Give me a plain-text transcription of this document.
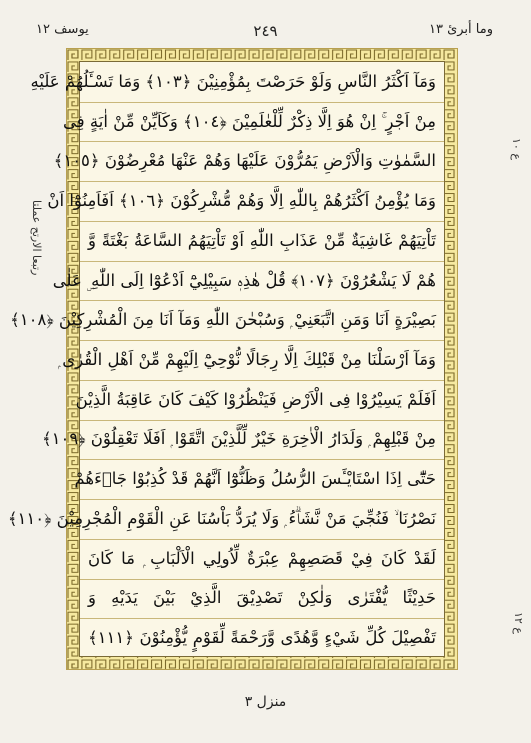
وما أبرئ ١٣
٢٤٩
يوسف ١٢
ع ١٠
رتبعا الارتح عملتا
ع ١٢
وَمَآ اَكْثَرُ النَّاسِ وَلَوْ حَرَصْتَ بِمُؤْمِنِيْنَ ﴿١٠٣﴾ وَمَا تَسْـَٔلُهُمْ عَلَيْهِ
مِنْ اَجْرٍ ۚ اِنْ هُوَ اِلَّا ذِكْرٌ لِّلْعٰلَمِيْنَ ﴿١٠٤﴾ وَكَاَيِّنْ مِّنْ اٰيَةٍ فِى
السَّمٰوٰتِ وَالْاَرْضِ يَمُرُّوْنَ عَلَيْهَا وَهُمْ عَنْهَا مُعْرِضُوْنَ ﴿١٠٥﴾
وَمَا يُؤْمِنُ اَكْثَرُهُمْ بِاللّٰهِ اِلَّا وَهُمْ مُّشْرِكُوْنَ ﴿١٠٦﴾ اَفَاَمِنُوْٓا اَنْ
تَاْتِيَهُمْ غَاشِيَةٌ مِّنْ عَذَابِ اللّٰهِ اَوْ تَاْتِيَهُمُ السَّاعَةُ بَغْتَةً وَّ
هُمْ لَا يَشْعُرُوْنَ ﴿١٠٧﴾ قُلْ هٰذِهٖ سَبِيْلِيْٓ اَدْعُوْٓا اِلَى اللّٰهِ ۣ عَلٰى
بَصِيْرَةٍ اَنَا وَمَنِ اتَّبَعَنِيْ ۭ وَسُبْحٰنَ اللّٰهِ وَمَآ اَنَا مِنَ الْمُشْرِكِيْنَ ﴿١٠٨﴾
وَمَآ اَرْسَلْنَا مِنْ قَبْلِكَ اِلَّا رِجَالًا نُّوْحِيْٓ اِلَيْهِمْ مِّنْ اَهْلِ الْقُرٰى ۭ
اَفَلَمْ يَسِيْرُوْا فِى الْاَرْضِ فَيَنْظُرُوْا كَيْفَ كَانَ عَاقِبَةُ الَّذِيْنَ
مِنْ قَبْلِهِمْ ۭ وَلَدَارُ الْاٰخِرَةِ خَيْرٌ لِّلَّذِيْنَ اتَّقَوْا ۭ اَفَلَا تَعْقِلُوْنَ ﴿١٠٩﴾
حَتّٰٓى اِذَا اسْتَايْـَٔسَ الرُّسُلُ وَظَنُّوْٓا اَنَّهُمْ قَدْ كُذِبُوْا جَاۗءَهُمْ
نَصْرُنَا ۙ فَنُجِّيَ مَنْ نَّشَاۗءُ ۭ وَلَا يُرَدُّ بَاْسُنَا عَنِ الْقَوْمِ الْمُجْرِمِيْنَ ﴿١١٠﴾
لَقَدْ كَانَ فِيْ قَصَصِهِمْ عِبْرَةٌ لِّاُولِي الْاَلْبَابِ ۭ مَا كَانَ
حَدِيْثًا يُّفْتَرٰى وَلٰكِنْ تَصْدِيْقَ الَّذِيْ بَيْنَ يَدَيْهِ وَ
تَفْصِيْلَ كُلِّ شَيْءٍ وَّهُدًى وَّرَحْمَةً لِّقَوْمٍ يُّؤْمِنُوْنَ ﴿١١١﴾
منزل ٣
